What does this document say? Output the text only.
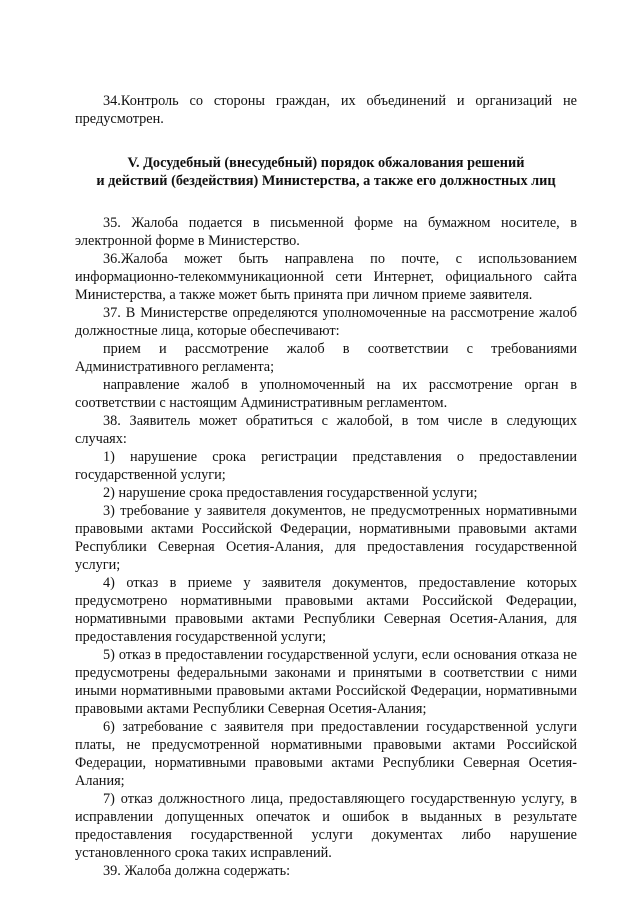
34.Контроль со стороны граждан, их объединений и организаций не предусмотрен.

V. Досудебный (внесудебный) порядок обжалования решений

и действий (бездействия) Министерства, а также его должностных лиц

35. Жалоба подается в письменной форме на бумажном носителе, в электронной форме в Министерство.

36.Жалоба может быть направлена по почте, с использованием информационно-телекоммуникационной сети Интернет, официального сайта Министерства, а также может быть принята при личном приеме заявителя.

37. В Министерстве определяются уполномоченные на рассмотрение жалоб должностные лица, которые обеспечивают:

прием и рассмотрение жалоб в соответствии с требованиями Административного регламента;

направление жалоб в уполномоченный на их рассмотрение орган в соответствии с настоящим Административным регламентом.

38. Заявитель может обратиться с жалобой, в том числе в следующих случаях:

1) нарушение срока регистрации представления о предоставлении государственной услуги;

2) нарушение срока предоставления государственной услуги;

3) требование у заявителя документов, не предусмотренных нормативными правовыми актами Российской Федерации, нормативными правовыми актами Республики Северная Осетия-Алания, для предоставления государственной услуги;

4) отказ в приеме у заявителя документов, предоставление которых предусмотрено нормативными правовыми актами Российской Федерации, нормативными правовыми актами Республики Северная Осетия-Алания, для предоставления государственной услуги;

5) отказ в предоставлении государственной услуги, если основания отказа не предусмотрены федеральными законами и принятыми в соответствии с ними иными нормативными правовыми актами Российской Федерации, нормативными правовыми актами Республики Северная Осетия-Алания;

6) затребование с заявителя при предоставлении государственной услуги платы, не предусмотренной нормативными правовыми актами Российской Федерации, нормативными правовыми актами Республики Северная Осетия-Алания;

7) отказ должностного лица, предоставляющего государственную услугу, в исправлении допущенных опечаток и ошибок в выданных в результате предоставления государственной услуги документах либо нарушение установленного срока таких исправлений.

39. Жалоба должна содержать:
